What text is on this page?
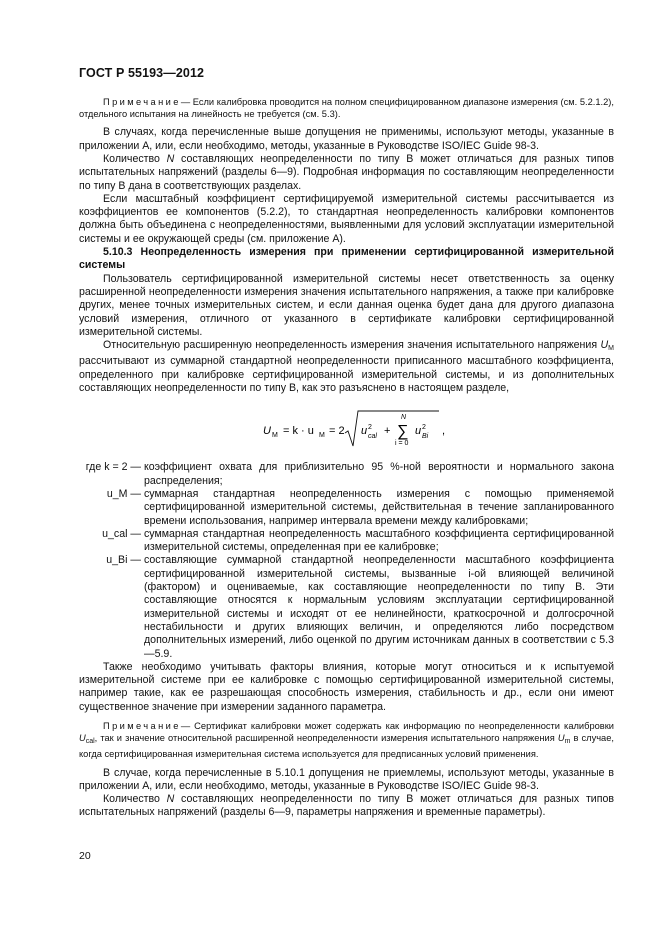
ГОСТ Р 55193—2012

Примечание— Если калибровка проводится на полном специфицированном диапазоне измерения (см. 5.2.1.2), отдельного испытания на линейность не требуется (см. 5.3).

В случаях, когда перечисленные выше допущения не применимы, используют методы, указанные в приложении А, или, если необходимо, методы, указанные в Руководстве ISO/IEC Guide 98-3.

Количество N составляющих неопределенности по типу В может отличаться для разных типов испытательных напряжений (разделы 6—9). Подробная информация по составляющим неопределенности по типу В дана в соответствующих разделах.

Если масштабный коэффициент сертифицируемой измерительной системы рассчитывается из коэффициентов ее компонентов (5.2.2), то стандартная неопределенность калибровки компонентов должна быть объединена с неопределенностями, выявленными для условий эксплуатации измерительной системы и ее окружающей среды (см. приложение А).

5.10.3 Неопределенность измерения при применении сертифицированной измерительной системы

Пользователь сертифицированной измерительной системы несет ответственность за оценку расширенной неопределенности измерения значения испытательного напряжения, а также при калибровке других, менее точных измерительных систем, и если данная оценка будет дана для другого диапазона условий измерения, отличного от указанного в сертификате калибровки сертифицированной измерительной системы.

Относительную расширенную неопределенность измерения значения испытательного напряжения $U_M$ рассчитывают из суммарной стандартной неопределенности приписанного масштабного коэффициента, определенного при калибровке сертифицированной измерительной системы, и из дополнительных составляющих неопределенности по типу В, как это разъяснено в настоящем разделе,

U M = k · u M = 2 u 2
cal + ∑
N
i = 0
u 2
Bi ,
где k = 2 — коэффициент охвата для приблизительно 95 %-ной вероятности и нормального закона распределения;
u_M — суммарная стандартная неопределенность измерения с помощью применяемой сертифицированной измерительной системы, действительная в течение запланированного времени использования, например интервала времени между калибровками;
u_cal — суммарная стандартная неопределенность масштабного коэффициента сертифицированной измерительной системы, определенная при ее калибровке;
u_Bi — составляющие суммарной стандартной неопределенности масштабного коэффициента сертифицированной измерительной системы, вызванные i-ой влияющей величиной (фактором) и оцениваемые, как составляющие неопределенности по типу В. Эти составляющие относятся к нормальным условиям эксплуатации сертифицированной измерительной системы и исходят от ее нелинейности, краткосрочной и долгосрочной нестабильности и других влияющих величин, и определяются либо посредством дополнительных измерений, либо оценкой по другим источникам данных в соответствии с 5.3—5.9.

Также необходимо учитывать факторы влияния, которые могут относиться и к испытуемой измерительной системе при ее калибровке с помощью сертифицированной измерительной системы, например такие, как ее разрешающая способность измерения, стабильность и др., если они имеют существенное значение при измерении заданного параметра.

Примечание— Сертификат калибровки может содержать как информацию по неопределенности калибровки $U_{cal}$, так и значение относительной расширенной неопределенности измерения испытательного напряжения $U_m$ в случае, когда сертифицированная измерительная система используется для предписанных условий применения.

В случае, когда перечисленные в 5.10.1 допущения не приемлемы, используют методы, указанные в приложении А, или, если необходимо, методы, указанные в Руководстве ISO/IEC Guide 98-3.

Количество N составляющих неопределенности по типу В может отличаться для разных типов испытательных напряжений (разделы 6—9, параметры напряжения и временные параметры).

20
